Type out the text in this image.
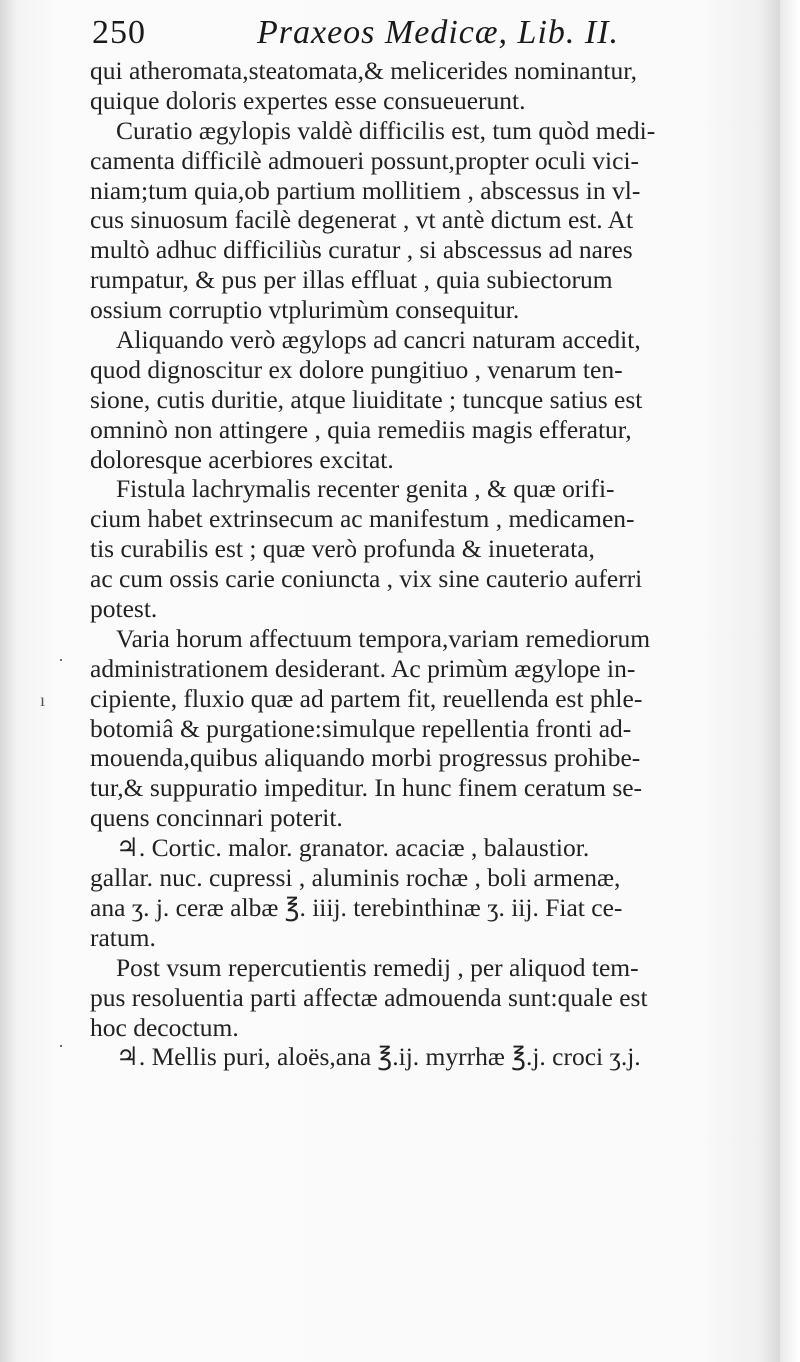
250	Praxeos Medicæ, Lib. II.
qui atheromata,steatomata,& melicerides nominantur,
quique doloris expertes esse consueuerunt.
Curatio ægylopis valdè difficilis est, tum quòd medi-
camenta difficilè admoueri possunt,propter oculi vici-
niam;tum quia,ob partium mollitiem , abscessus in vl-
cus sinuosum facilè degenerat , vt antè dictum est. At
multò adhuc difficiliùs curatur , si abscessus ad nares
rumpatur, & pus per illas effluat , quia subiectorum
ossium corruptio vtplurimùm consequitur.
Aliquando verò ægylops ad cancri naturam accedit,
quod dignoscitur ex dolore pungitiuo , venarum ten-
sione, cutis duritie, atque liuiditate ; tuncque satius est
omninò non attingere , quia remediis magis efferatur,
doloresque acerbiores excitat.
Fistula lachrymalis recenter genita , & quæ orifi-
cium habet extrinsecum ac manifestum , medicamen-
tis curabilis est ; quæ verò profunda & inueterata,
ac cum ossis carie coniuncta , vix sine cauterio auferri
potest.
Varia horum affectuum tempora,variam remediorum
administrationem desiderant. Ac primùm ægylope in-
cipiente, fluxio quæ ad partem fit, reuellenda est phle-
botomiâ & purgatione:simulque repellentia fronti ad-
mouenda,quibus aliquando morbi progressus prohibe-
tur,& suppuratio impeditur. In hunc finem ceratum se-
quens concinnari poterit.
♃. Cortic. malor. granator. acaciæ , balaustior.
gallar. nuc. cupressi , aluminis rochæ , boli armenæ,
ana ʒ. j. ceræ albæ ℥. iiij. terebinthinæ ʒ. iij. Fiat ce-
ratum.
Post vsum repercutientis remedij , per aliquod tem-
pus resoluentia parti affectæ admouenda sunt:quale est
hoc decoctum.
♃. Mellis puri, aloës,ana ℥.ij. myrrhæ ℥.j. croci ʒ.j.
·
ı
·
